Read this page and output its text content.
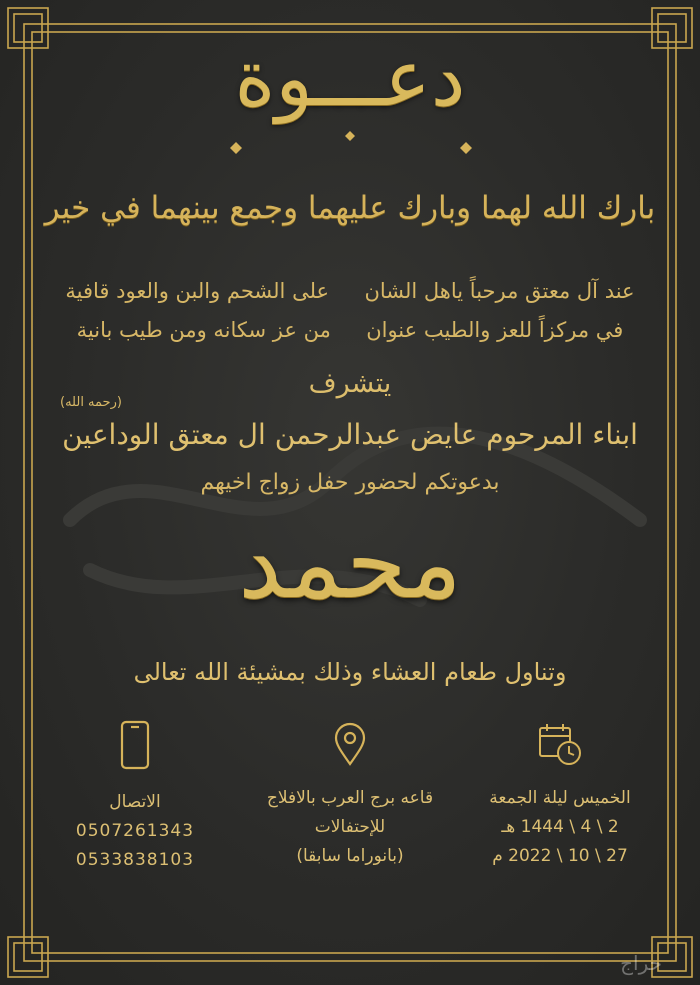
دعـــوة
بارك الله لهما وبارك عليهما وجمع بينهما في خير
عند آل معتق مرحباً ياهل الشان  على الشحم والبن والعود قافية
في مركزاً للعز والطيب عنوان  من عز سكانه ومن طيب بانية
يتشرف
(رحمه الله)
ابناء المرحوم عايض عبدالرحمن ال معتق الوداعين
بدعوتكم لحضور حفل زواج اخيهم
محمد
وتناول طعام العشاء وذلك بمشيئة الله تعالى
الخميس ليلة الجمعة
2 \ 4 \ 1444 هـ
27 \ 10 \ 2022 م
قاعه برج العرب بالافلاج
للإحتفالات
(بانوراما سابقا)
الاتصال
0507261343
0533838103
حراج
